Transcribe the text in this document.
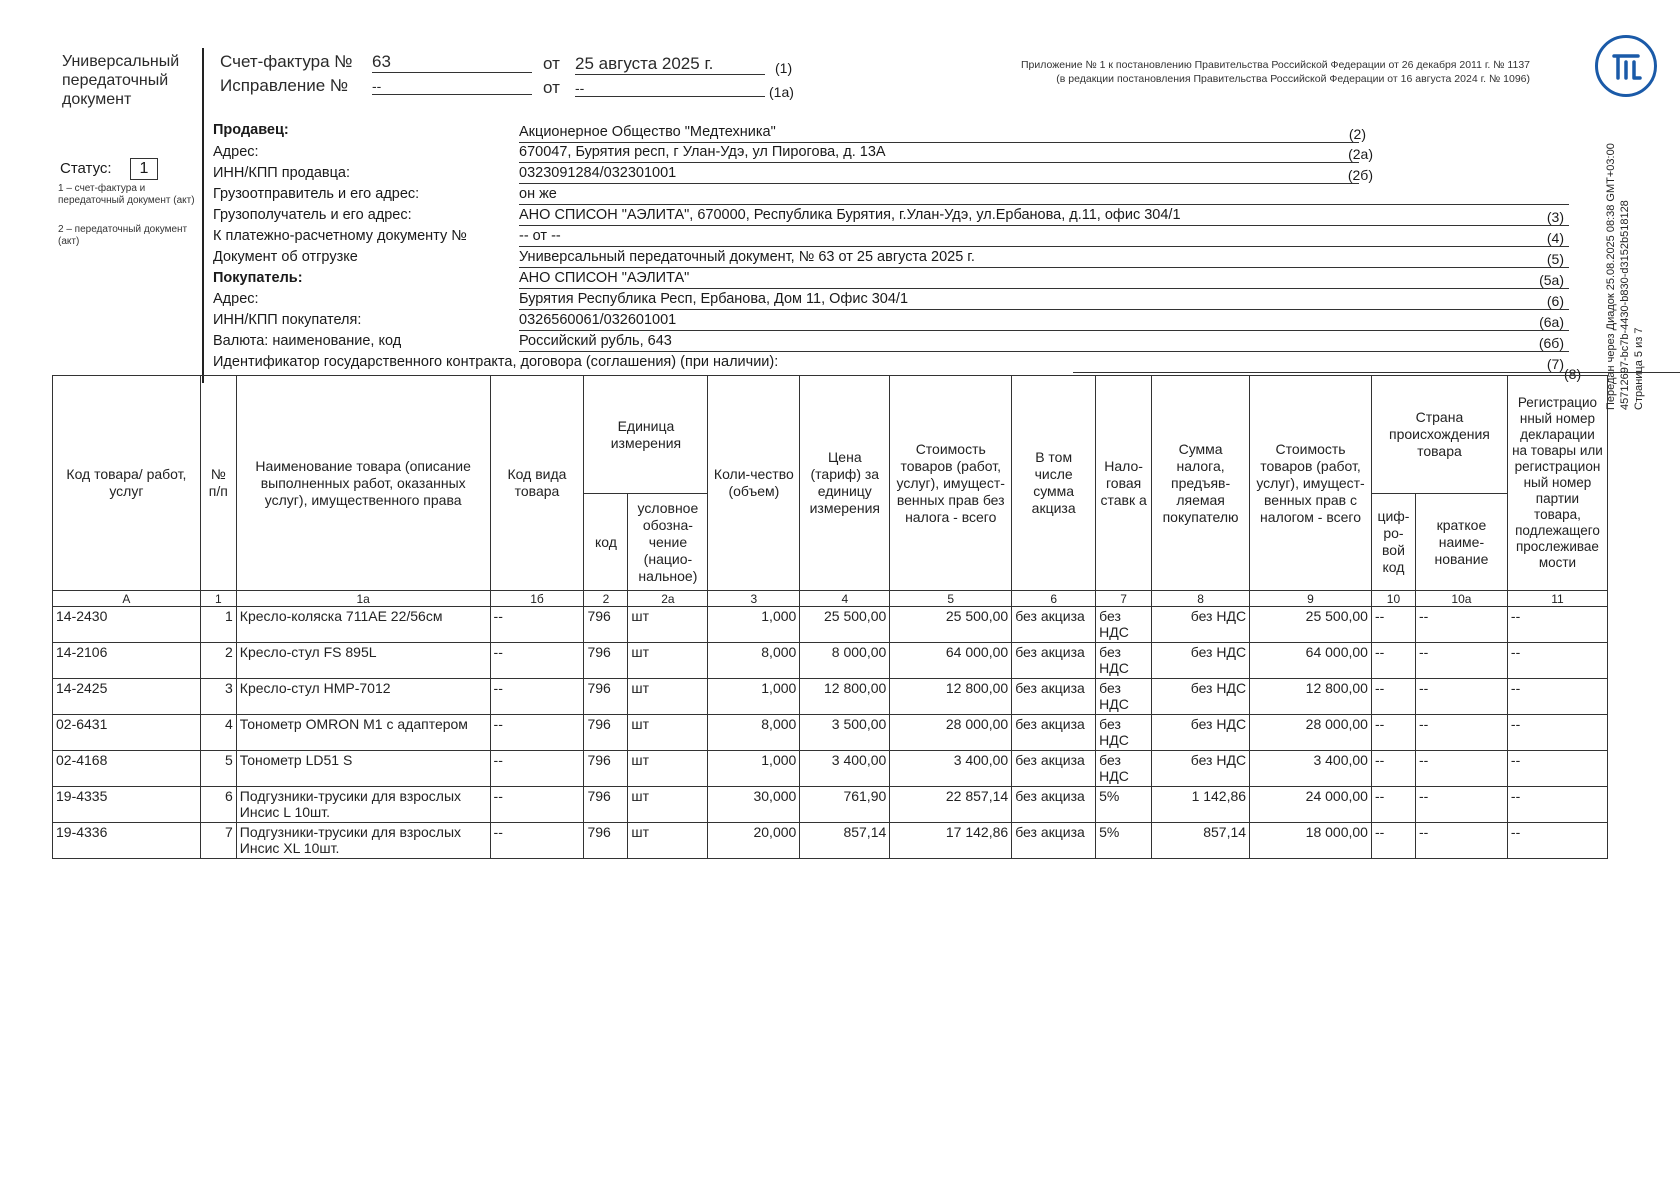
Универсальный
передаточный
документ
Счет-фактура № 63	от 25 августа 2025 г.	(1)
Исправление № --	от --	(1а)
Приложение № 1 к постановлению Правительства Российской Федерации от 26 декабря 2011 г. № 1137
(в редакции постановления Правительства Российской Федерации от 16 августа 2024 г. № 1096)
Статус:	1
1 – счет-фактура и передаточный документ (акт)
2 – передаточный документ (акт)
Продавец:	Акционерное Общество "Медтехника"	(2)
Адрес:	670047, Бурятия респ, г Улан-Удэ, ул Пирогова, д. 13А	(2а)
ИНН/КПП продавца:	0323091284/032301001	(2б)
Грузоотправитель и его адрес:	он же
Грузополучатель и его адрес:	АНО СПИСОН "АЭЛИТА", 670000, Республика Бурятия, г.Улан-Удэ, ул.Ербанова, д.11, офис 304/1	(3)
К платежно-расчетному документу №	-- от --	(4)
Документ об отгрузке	Универсальный передаточный документ, № 63 от 25 августа 2025 г.	(5)
Покупатель:	АНО СПИСОН "АЭЛИТА"	(5а)
Адрес:	Бурятия Республика Респ, Ербанова, Дом 11, Офис 304/1	(6)
ИНН/КПП покупателя:	0326560061/032601001	(6а)
Валюта: наименование, код	Российский рубль, 643	(6б)
Идентификатор государственного контракта, договора (соглашения) (при наличии):	(7)
(8)
Код товара/ работ, услуг	№ п/п	Наименование товара (описание выполненных работ, оказанных услуг), имущественного права	Код вида товара	Единица измерения		Коли-чество (объем)	Цена (тариф) за единицу измерения	Стоимость товаров (работ, услуг), имущест-венных прав без налога - всего	В том числе сумма акциза	Нало-говая ставк а	Сумма налога, предъяв-ляемая покупателю	Стоимость товаров (работ, услуг), имущест-венных прав с налогом - всего	Страна происхождения товара		Регистрацио нный номер декларации на товары или регистрацион ный номер партии товара, подлежащего прослеживае мости
				код	условное обозна-чение (нацио-нальное)								циф-ро-вой код	краткое наиме-нование	
А	1	1а	1б	2	2а	3	4	5	6	7	8	9	10	10а	11
14-2430	1	Кресло-коляска 711АЕ 22/56см	--	796	шт	1,000	25 500,00	25 500,00	без акциза	без НДС	без НДС	25 500,00	--	--	--
14-2106	2	Кресло-стул FS 895L	--	796	шт	8,000	8 000,00	64 000,00	без акциза	без НДС	без НДС	64 000,00	--	--	--
14-2425	3	Кресло-стул HMP-7012	--	796	шт	1,000	12 800,00	12 800,00	без акциза	без НДС	без НДС	12 800,00	--	--	--
02-6431	4	Тонометр OMRON M1 с адаптером	--	796	шт	8,000	3 500,00	28 000,00	без акциза	без НДС	без НДС	28 000,00	--	--	--
02-4168	5	Тонометр LD51 S	--	796	шт	1,000	3 400,00	3 400,00	без акциза	без НДС	без НДС	3 400,00	--	--	--
19-4335	6	Подгузники-трусики для взрослых Инсис L 10шт.	--	796	шт	30,000	761,90	22 857,14	без акциза	5%	1 142,86	24 000,00	--	--	--
19-4336	7	Подгузники-трусики для взрослых Инсис XL 10шт.	--	796	шт	20,000	857,14	17 142,86	без акциза	5%	857,14	18 000,00	--	--	--
Передан через Диадок 25.08.2025 08:38 GMT+03:00 45712697-bc7b-4430-b830-d3152b518128 Страница 5 из 7
